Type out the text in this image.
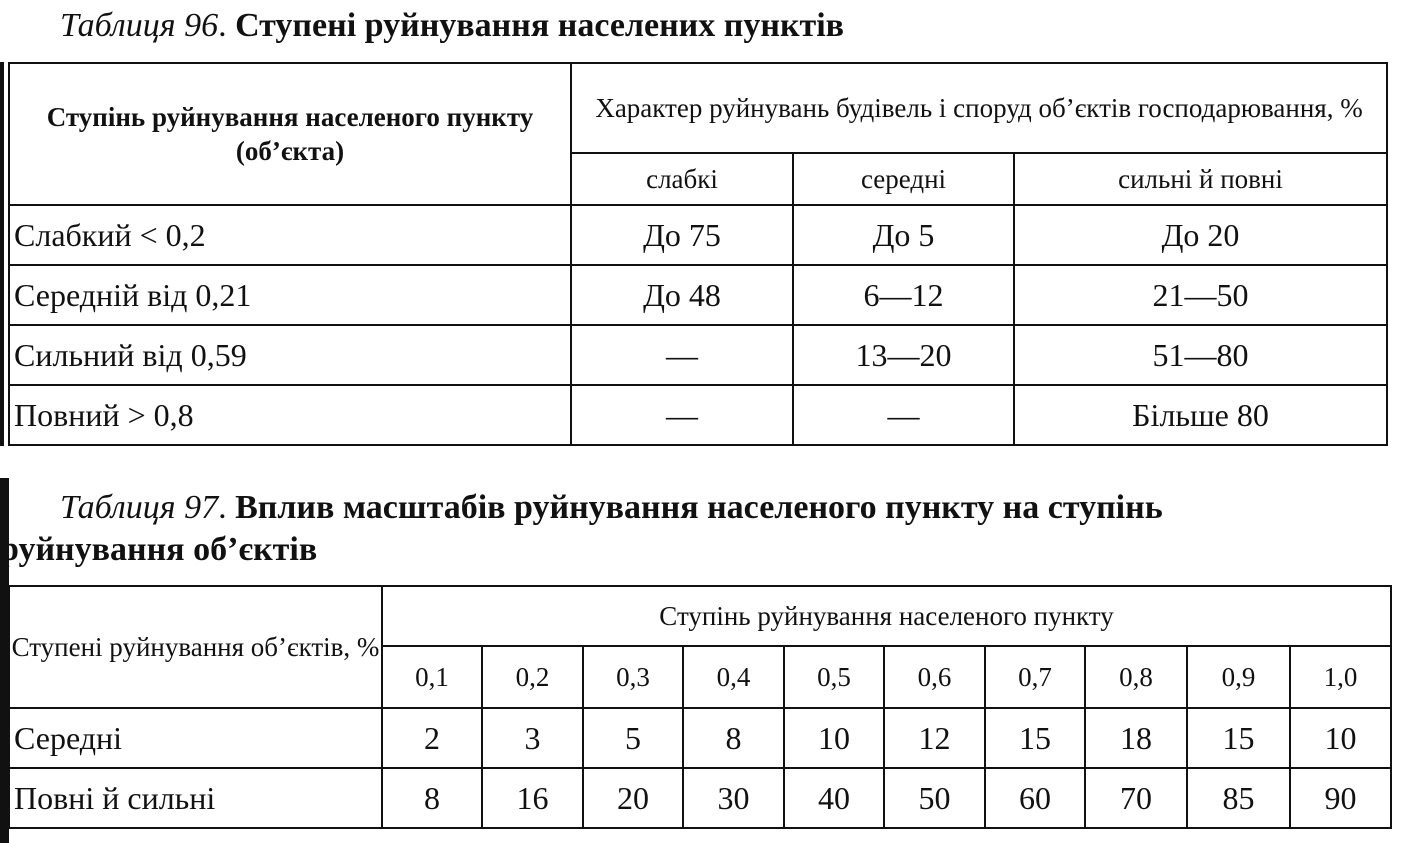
Таблиця 96. Ступені руйнування населених пунктів
Ступінь руйнування населеного пункту (об’єкта)	Характер руйнувань будівель і споруд об’єктів господарювання, %		
	слабкі	середні	сильні й повні
Слабкий < 0,2	До 75	До 5	До 20
Середній від 0,21	До 48	6—12	21—50
Сильний від 0,59	—	13—20	51—80
Повний > 0,8	—	—	Більше 80
Таблиця 97. Вплив масштабів руйнування населеного пункту на ступінь
руйнування об’єктів
Ступені руйнування об’єктів, %	Ступінь руйнування населеного пункту									
	0,1	0,2	0,3	0,4	0,5	0,6	0,7	0,8	0,9	1,0
Середні	2	3	5	8	10	12	15	18	15	10
Повні й сильні	8	16	20	30	40	50	60	70	85	90
